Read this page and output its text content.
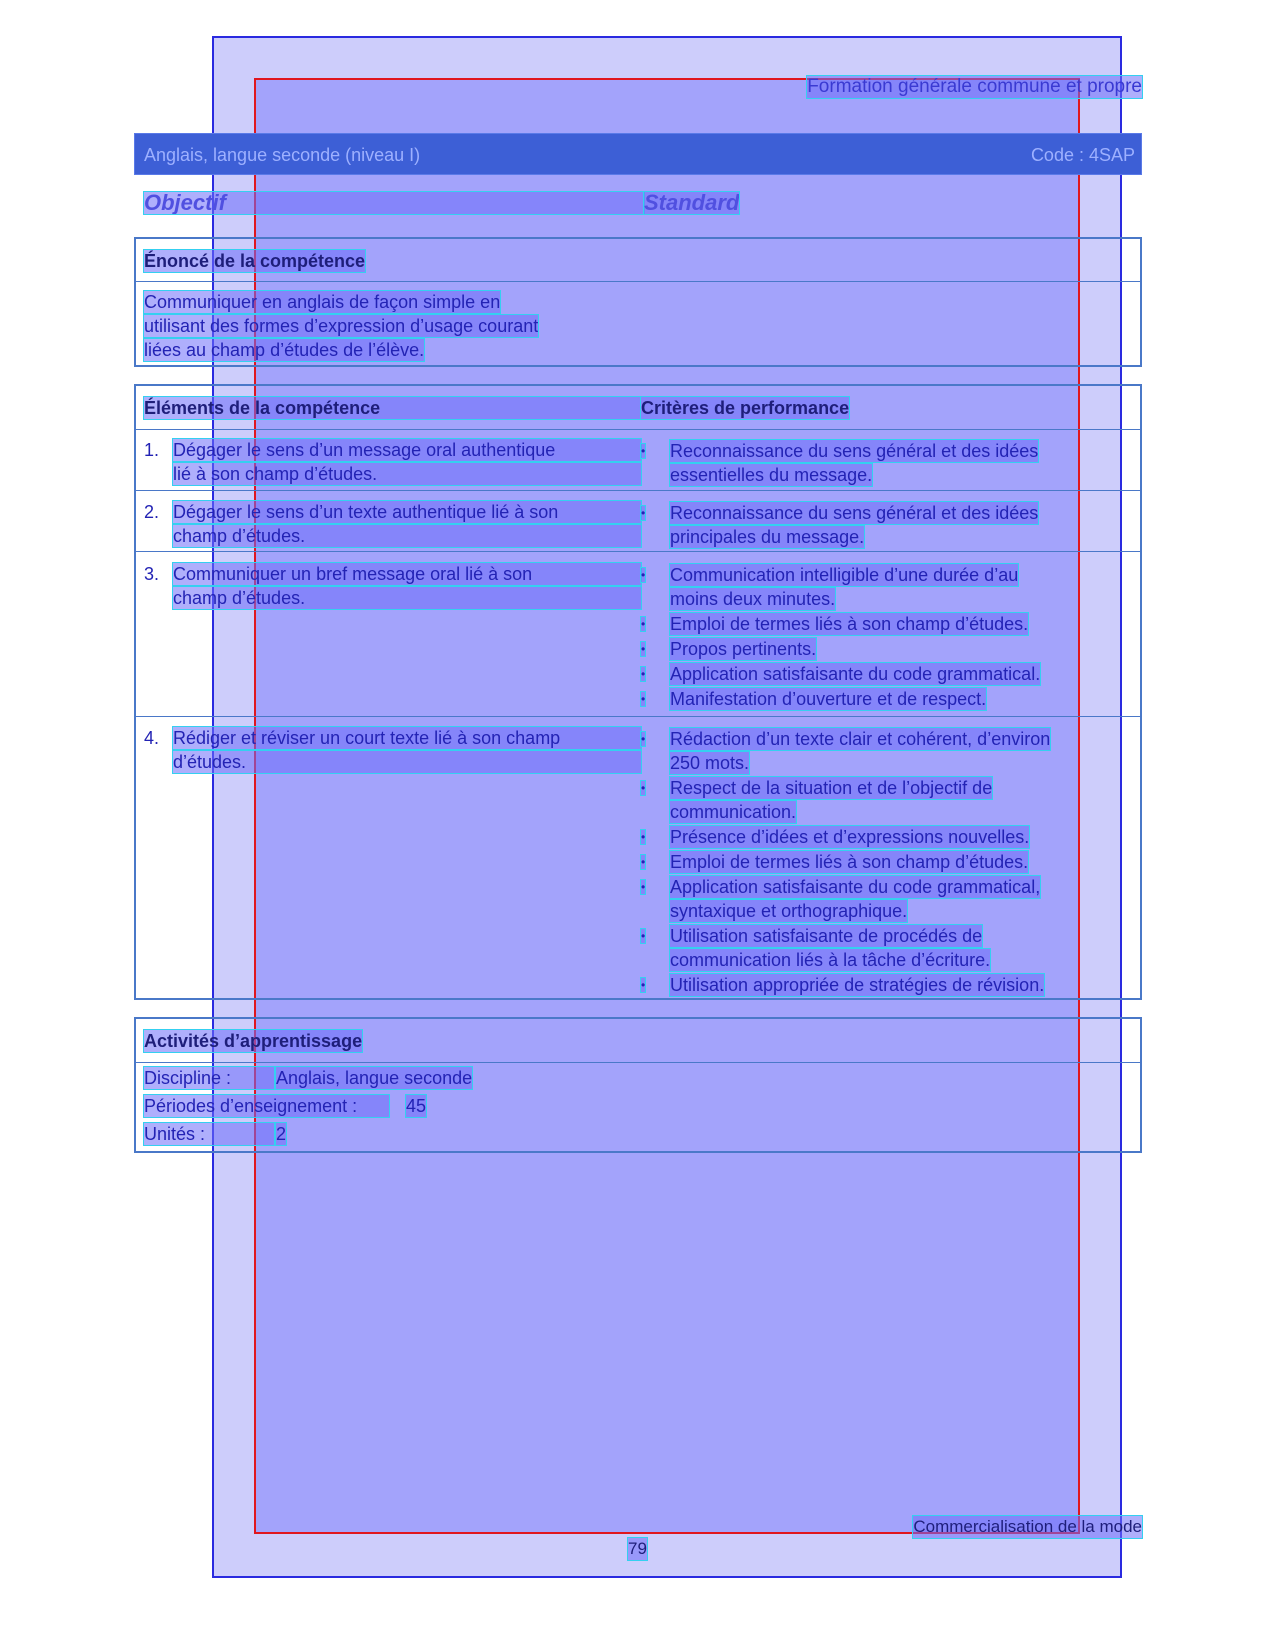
Formation générale commune et propre
Anglais, langue seconde (niveau I)	Code : 4SAP
Objectif	Standard
Énoncé de la compétence
Communiquer en anglais de façon simple en
utilisant des formes d’expression d’usage courant
liées au champ d’études de l’élève.
Éléments de la compétence	Critères de performance
1. Dégager le sens d’un message oral authentique
lié à son champ d’études.
• Reconnaissance du sens général et des idées
essentielles du message.
2. Dégager le sens d’un texte authentique lié à son
champ d’études.
• Reconnaissance du sens général et des idées
principales du message.
3. Communiquer un bref message oral lié à son
champ d’études.
• Communication intelligible d’une durée d’au
moins deux minutes.
• Emploi de termes liés à son champ d’études.
• Propos pertinents.
• Application satisfaisante du code grammatical.
• Manifestation d’ouverture et de respect.
4. Rédiger et réviser un court texte lié à son champ
d’études.
• Rédaction d’un texte clair et cohérent, d’environ
250 mots.
• Respect de la situation et de l’objectif de
communication.
• Présence d’idées et d’expressions nouvelles.
• Emploi de termes liés à son champ d’études.
• Application satisfaisante du code grammatical,
syntaxique et orthographique.
• Utilisation satisfaisante de procédés de
communication liés à la tâche d’écriture.
• Utilisation appropriée de stratégies de révision.
Activités d’apprentissage
Discipline :	Anglais, langue seconde
Périodes d’enseignement :	45
Unités :	2
Commercialisation de la mode
79
